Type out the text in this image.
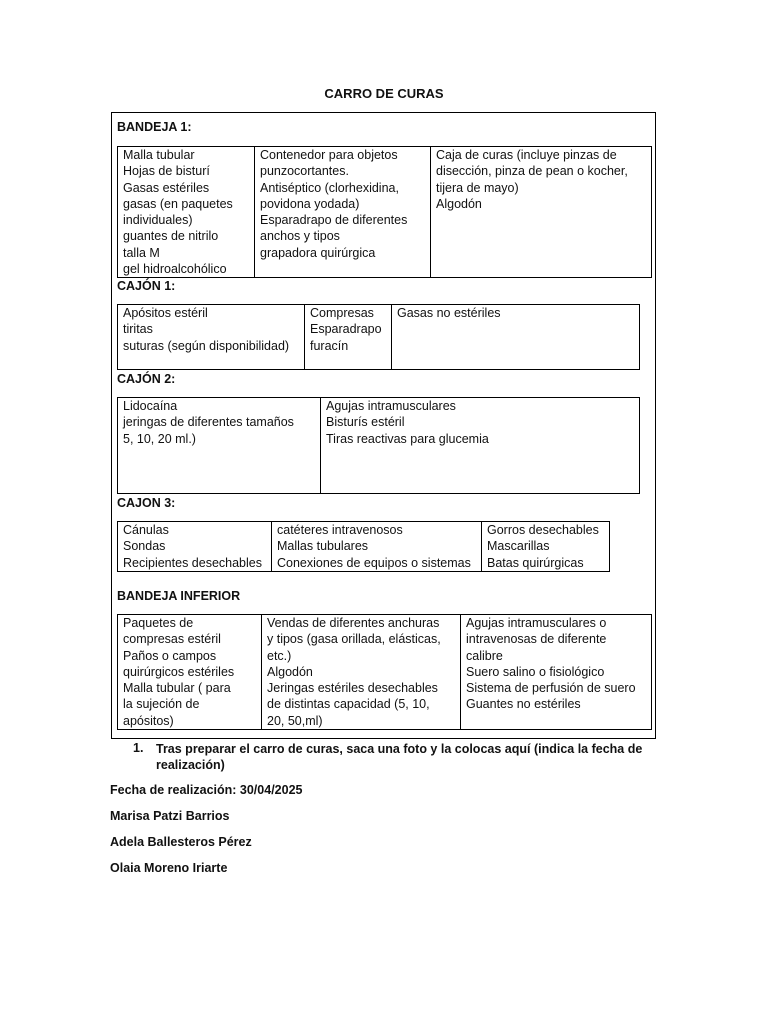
CARRO DE CURAS
BANDEJA 1:
Malla tubular
Hojas de bisturí
Gasas estériles
gasas (en paquetes
individuales)
guantes de nitrilo
talla M
gel hidroalcohólico

Contenedor para objetos
punzocortantes.
Antiséptico (clorhexidina,
povidona yodada)
Esparadrapo de diferentes
anchos y tipos
grapadora quirúrgica

Caja de curas (incluye pinzas de
disección, pinza de pean o kocher,
tijera de mayo)
Algodón
CAJÓN 1:
Apósitos estéril
tiritas
suturas (según disponibilidad)

Compresas
Esparadrapo
furacín

Gasas no estériles
CAJÓN 2:
Lidocaína
jeringas de diferentes tamaños
5, 10, 20 ml.)

Agujas intramusculares
Bisturís estéril
Tiras reactivas para glucemia
CAJON 3:
Cánulas
Sondas
Recipientes desechables

catéteres intravenosos
Mallas tubulares
Conexiones de equipos o sistemas

Gorros desechables
Mascarillas
Batas quirúrgicas
BANDEJA INFERIOR
Paquetes de
compresas estéril
Paños o campos
quirúrgicos estériles
Malla tubular ( para
la sujeción de
apósitos)

Vendas de diferentes anchuras
y tipos (gasa orillada, elásticas,
etc.)
Algodón
Jeringas estériles desechables
de distintas capacidad (5, 10,
20, 50,ml)

Agujas intramusculares o
intravenosas de diferente
calibre
Suero salino o fisiológico
Sistema de perfusión de suero
Guantes no estériles
1. Tras preparar el carro de curas, saca una foto y la colocas aquí (indica la fecha de realización)
Fecha de realización: 30/04/2025
Marisa Patzi Barrios
Adela Ballesteros Pérez
Olaia Moreno Iriarte
